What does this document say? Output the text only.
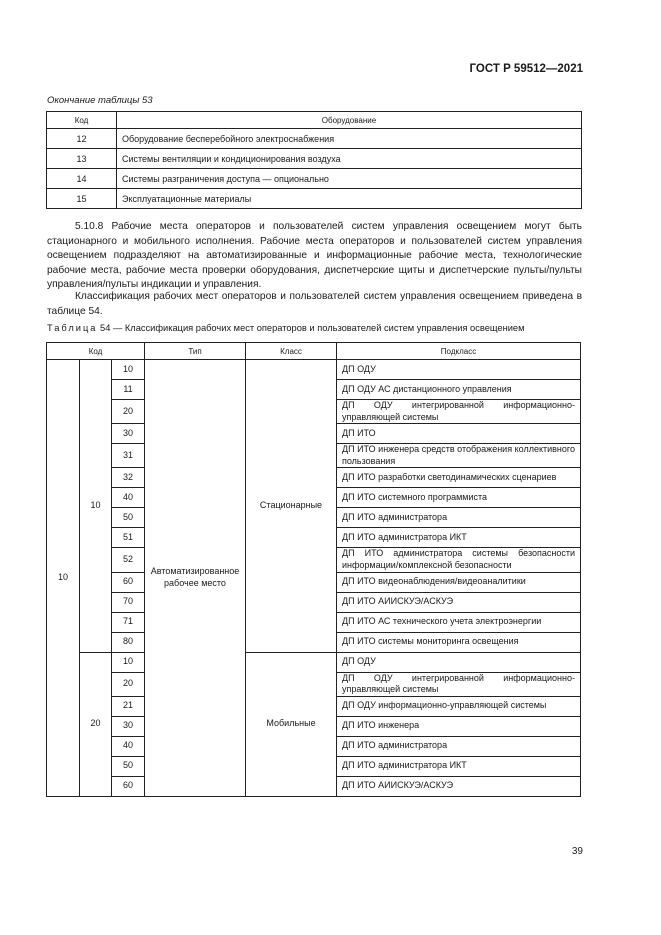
ГОСТ Р 59512—2021
Окончание таблицы 53
Код	Оборудование
12	Оборудование бесперебойного электроснабжения
13	Системы вентиляции и кондиционирования воздуха
14	Системы разграничения доступа — опционально
15	Эксплуатационные материалы
5.10.8 Рабочие места операторов и пользователей систем управления освещением могут быть стационарного и мобильного исполнения. Рабочие места операторов и пользователей систем управления освещением подразделяют на автоматизированные и информационные рабочие места, технологические рабочие места, рабочие места проверки оборудования, диспетчерские щиты и диспетчерские пульты/пульты управления/пульты индикации и управления.
Классификация рабочих мест операторов и пользователей систем управления освещением приведена в таблице 54.
Таблица 54 — Классификация рабочих мест операторов и пользователей систем управления освещением
Код			Тип	Класс	Подкласс
10	10	10	Автоматизированное рабочее место	Стационарные	ДП ОДУ
		11			ДП ОДУ АС дистанционного управления
		20			ДП ОДУ интегрированной информационно-управляющей системы
		30			ДП ИТО
		31			ДП ИТО инженера средств отображения коллективного пользования
		32			ДП ИТО разработки светодинамических сценариев
		40			ДП ИТО системного программиста
		50			ДП ИТО администратора
		51			ДП ИТО администратора ИКТ
		52			ДП ИТО администратора системы безопасности информации/комплексной безопасности
		60			ДП ИТО видеонаблюдения/видеоаналитики
		70			ДП ИТО АИИСКУЭ/АСКУЭ
		71			ДП ИТО АС технического учета электроэнергии
		80			ДП ИТО системы мониторинга освещения
	20	10		Мобильные	ДП ОДУ
		20			ДП ОДУ интегрированной информационно-управляющей системы
		21			ДП ОДУ информационно-управляющей системы
		30			ДП ИТО инженера
		40			ДП ИТО администратора
		50			ДП ИТО администратора ИКТ
		60			ДП ИТО АИИСКУЭ/АСКУЭ
39
